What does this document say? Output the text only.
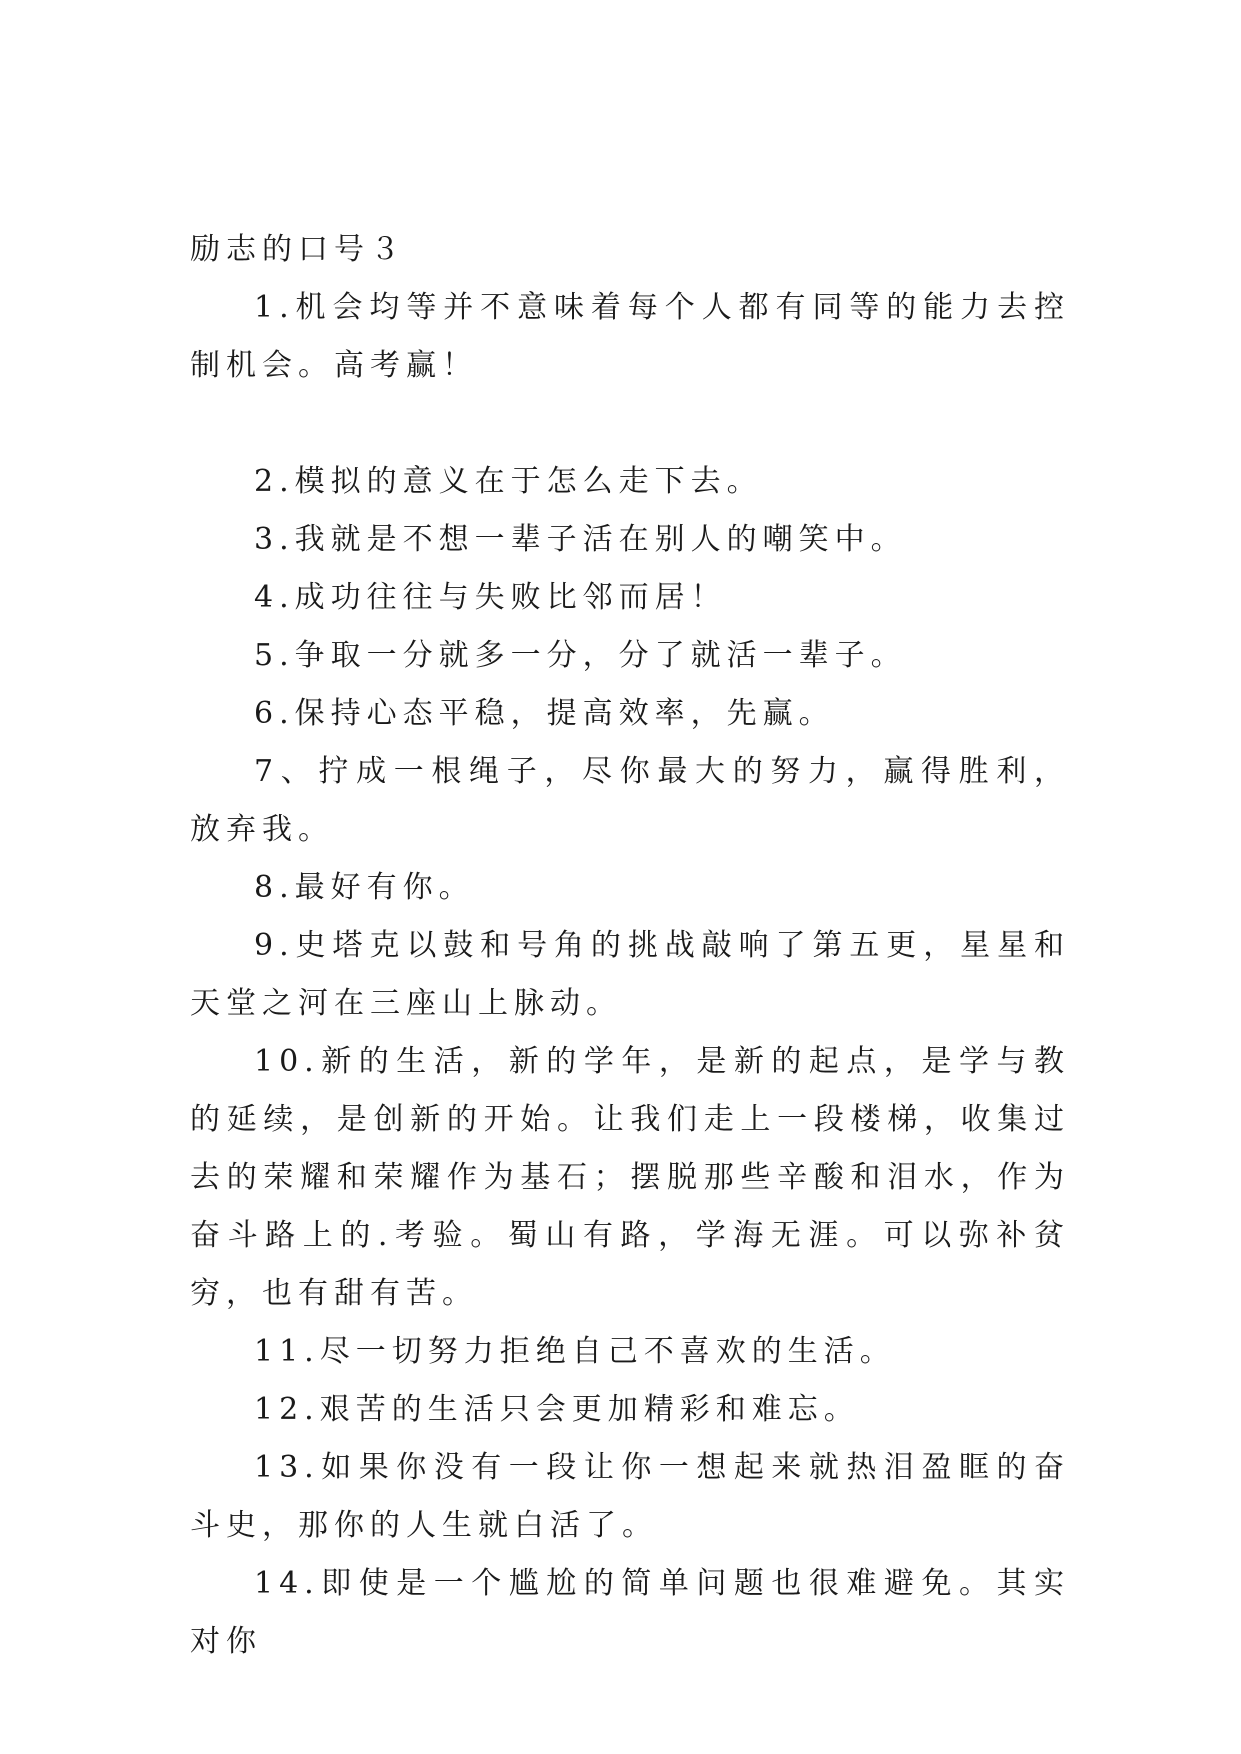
励志的口号３

1.机会均等并不意味着每个人都有同等的能力去控制机会。高考赢！

2.模拟的意义在于怎么走下去。

3.我就是不想一辈子活在别人的嘲笑中。

4.成功往往与失败比邻而居！

5.争取一分就多一分，分了就活一辈子。

6.保持心态平稳，提高效率，先赢。

7、拧成一根绳子，尽你最大的努力，赢得胜利，放弃我。

8.最好有你。

9.史塔克以鼓和号角的挑战敲响了第五更，星星和天堂之河在三座山上脉动。

10.新的生活，新的学年，是新的起点，是学与教的延续，是创新的开始。让我们走上一段楼梯，收集过去的荣耀和荣耀作为基石；摆脱那些辛酸和泪水，作为奋斗路上的.考验。蜀山有路，学海无涯。可以弥补贫穷，也有甜有苦。

11.尽一切努力拒绝自己不喜欢的生活。

12.艰苦的生活只会更加精彩和难忘。

13.如果你没有一段让你一想起来就热泪盈眶的奋斗史，那你的人生就白活了。

14.即使是一个尴尬的简单问题也很难避免。其实对你
